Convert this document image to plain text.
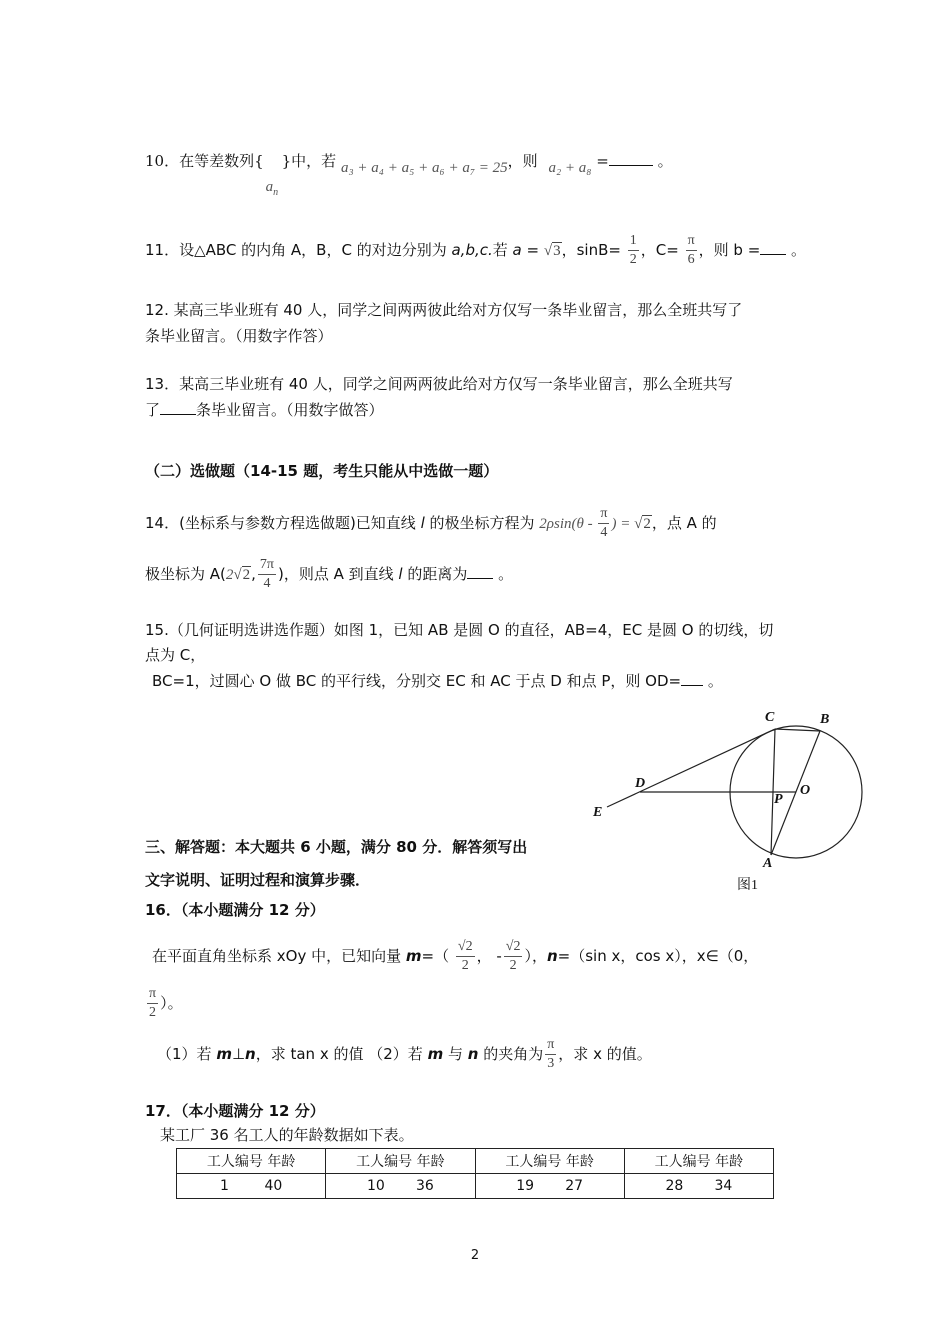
10．在等差数列{
$a_n$
}中，若 a₃ + a₄ + a₅ + a₆ + a₇ = 25，则 a₂ + a₈ =	。
11．设△ABC 的内角 A，B，C 的对边分别为 a,b,c.若 a = √3，$\sin B= \frac{1}{2}$ ，$C= \frac{\pi}{6}$ ，则 b = 。
12. 某高三毕业班有 40 人，同学之间两两彼此给对方仅写一条毕业留言，那么全班共写了
条毕业留言。（用数字作答）
13．某高三毕业班有 40 人，同学之间两两彼此给对方仅写一条毕业留言，那么全班共写
了 条毕业留言。（用数字做答）
（二）选做题（14-15 题，考生只能从中选做一题）
14．(坐标系与参数方程选做题)已知直线 l 的极坐标方程为 $2\rho\sin(\theta - \frac{\pi}{4}$ ) = √2，点 A 的
极坐标为 A(2√2, $\frac{7\pi}{4}$ )，则点 A 到直线 l 的距离为 。
15.（几何证明选讲选作题）如图 1，已知 AB 是圆 O 的直径，AB=4，EC 是圆 O 的切线，切
点为 C，
BC=1，过圆心 O 做 BC 的平行线，分别交 EC 和 AC 于点 D 和点 P，则 OD= 。
C	B
D	O
P
E
A
图1
三、解答题：本大题共 6 小题，满分 80 分．解答须写出
文字说明、证明过程和演算步骤．
16．（本小题满分 12 分）
在平面直角坐标系 xOy 中，已知向量 $m=( \frac{√2}{2}$ ， - $\frac{√2}{2}$ ），n=（sin x，cos x），x∈（0，
$\frac{\pi}{2}$ ）。
（1）若 m⊥n，求 tan x 的值 （2）若 m 与 n 的夹角为 $\frac{\pi}{3}$ ，求 x 的值。
17．（本小题满分 12 分）
某工厂 36 名工人的年龄数据如下表。
工人编号 年龄	工人编号 年龄	工人编号 年龄	工人编号 年龄
1        40	10       36	19       27	28       34
2
